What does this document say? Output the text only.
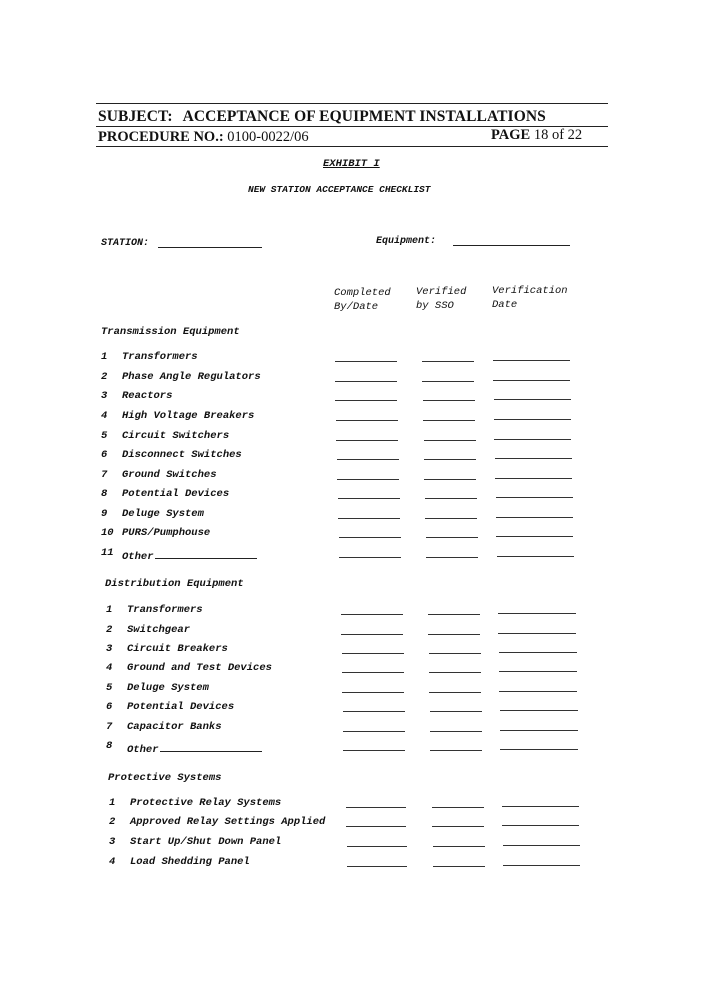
SUBJECT: ACCEPTANCE OF EQUIPMENT INSTALLATIONS
PROCEDURE NO.: 0100-0022/06	PAGE 18 of 22
EXHIBIT I
NEW STATION ACCEPTANCE CHECKLIST
STATION:	Equipment:
Completed
By/Date
Verified
by SSO
Verification
Date
Transmission Equipment
1 Transformers
2 Phase Angle Regulators
3 Reactors
4 High Voltage Breakers
5 Circuit Switchers
6 Disconnect Switches
7 Ground Switches
8 Potential Devices
9 Deluge System
10 PURS/Pumphouse
11 Other
Distribution Equipment
1 Transformers
2 Switchgear
3 Circuit Breakers
4 Ground and Test Devices
5 Deluge System
6 Potential Devices
7 Capacitor Banks
8 Other
Protective Systems
1 Protective Relay Systems
2 Approved Relay Settings Applied
3 Start Up/Shut Down Panel
4 Load Shedding Panel
